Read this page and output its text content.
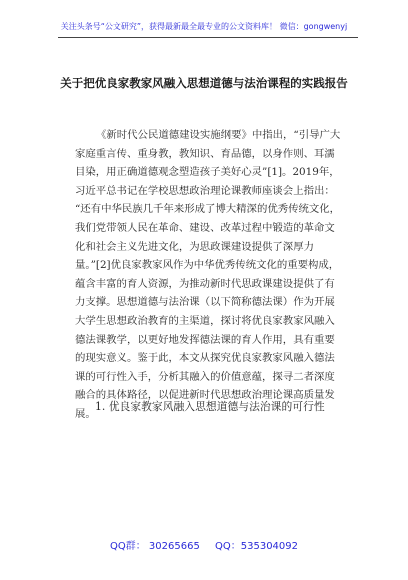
关注头条号“公文研究”，获得最新最全最专业的公文资料库！ 微信：gongwenyj
关于把优良家教家风融入思想道德与法治课程的实践报告
《新时代公民道德建设实施纲要》中指出，“引导广大
家庭重言传、重身教，教知识、育品德，以身作则、耳濡
目染，用正确道德观念塑造孩子美好心灵”[1]。2019年，
习近平总书记在学校思想政治理论课教师座谈会上指出：
“还有中华民族几千年来形成了博大精深的优秀传统文化，
我们党带领人民在革命、建设、改革过程中锻造的革命文
化和社会主义先进文化，为思政课建设提供了深厚力
量。”[2]优良家教家风作为中华优秀传统文化的重要构成，
蕴含丰富的育人资源，为推动新时代思政课建设提供了有
力支撑。思想道德与法治课（以下简称德法课）作为开展
大学生思想政治教育的主渠道，探讨将优良家教家风融入
德法课教学，以更好地发挥德法课的育人作用，具有重要
的现实意义。鉴于此，本文从探究优良家教家风融入德法
课的可行性入手，分析其融入的价值意蕴，探寻二者深度
融合的具体路径，以促进新时代思想政治理论课高质量发
展。
1. 优良家教家风融入思想道德与法治课的可行性
QQ群： 30265665 QQ：535304092
